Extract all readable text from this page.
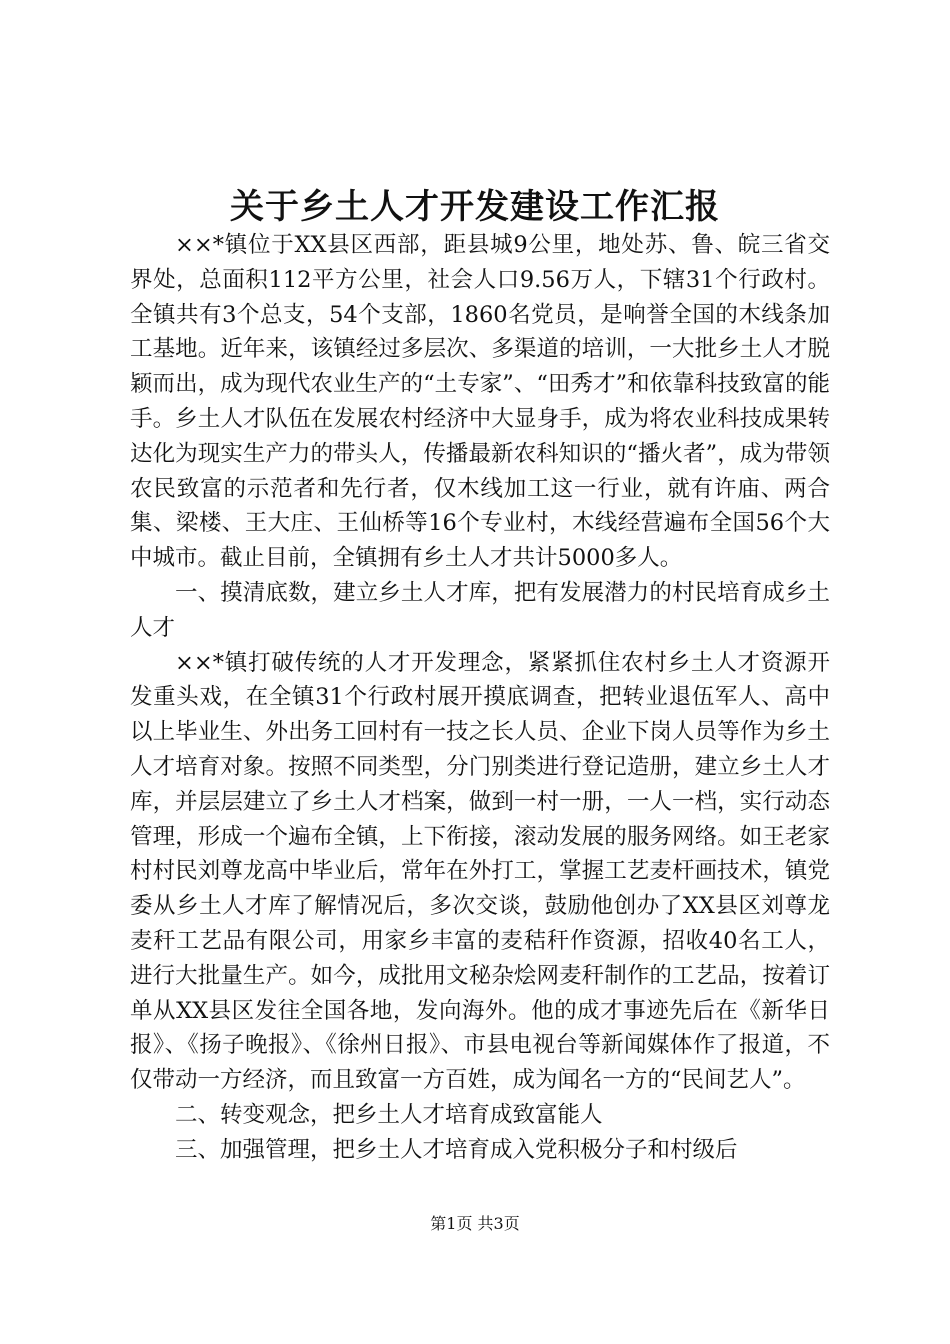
关于乡土人才开发建设工作汇报

××*镇位于XX县区西部，距县城9公里，地处苏、鲁、皖三省交界处，总面积112平方公里，社会人口9.56万人，下辖31个行政村。全镇共有3个总支，54个支部，1860名党员，是响誉全国的木线条加工基地。近年来，该镇经过多层次、多渠道的培训，一大批乡土人才脱颖而出，成为现代农业生产的“土专家”、“田秀才”和依靠科技致富的能手。乡土人才队伍在发展农村经济中大显身手，成为将农业科技成果转达化为现实生产力的带头人，传播最新农科知识的“播火者”，成为带领农民致富的示范者和先行者，仅木线加工这一行业，就有许庙、两合集、梁楼、王大庄、王仙桥等16个专业村，木线经营遍布全国56个大中城市。截止目前，全镇拥有乡土人才共计5000多人。

一、摸清底数，建立乡土人才库，把有发展潜力的村民培育成乡土人才

××*镇打破传统的人才开发理念，紧紧抓住农村乡土人才资源开发重头戏，在全镇31个行政村展开摸底调查，把转业退伍军人、高中以上毕业生、外出务工回村有一技之长人员、企业下岗人员等作为乡土人才培育对象。按照不同类型，分门别类进行登记造册，建立乡土人才库，并层层建立了乡土人才档案，做到一村一册，一人一档，实行动态管理，形成一个遍布全镇，上下衔接，滚动发展的服务网络。如王老家村村民刘尊龙高中毕业后，常年在外打工，掌握工艺麦杆画技术，镇党委从乡土人才库了解情况后，多次交谈，鼓励他创办了XX县区刘尊龙麦秆工艺品有限公司，用家乡丰富的麦秸秆作资源，招收40名工人，进行大批量生产。如今，成批用文秘杂烩网麦秆制作的工艺品，按着订单从XX县区发往全国各地，发向海外。他的成才事迹先后在《新华日报》、《扬子晚报》、《徐州日报》、市县电视台等新闻媒体作了报道，不仅带动一方经济，而且致富一方百姓，成为闻名一方的“民间艺人”。

二、转变观念，把乡土人才培育成致富能人

三、加强管理，把乡土人才培育成入党积极分子和村级后

第1页 共3页
